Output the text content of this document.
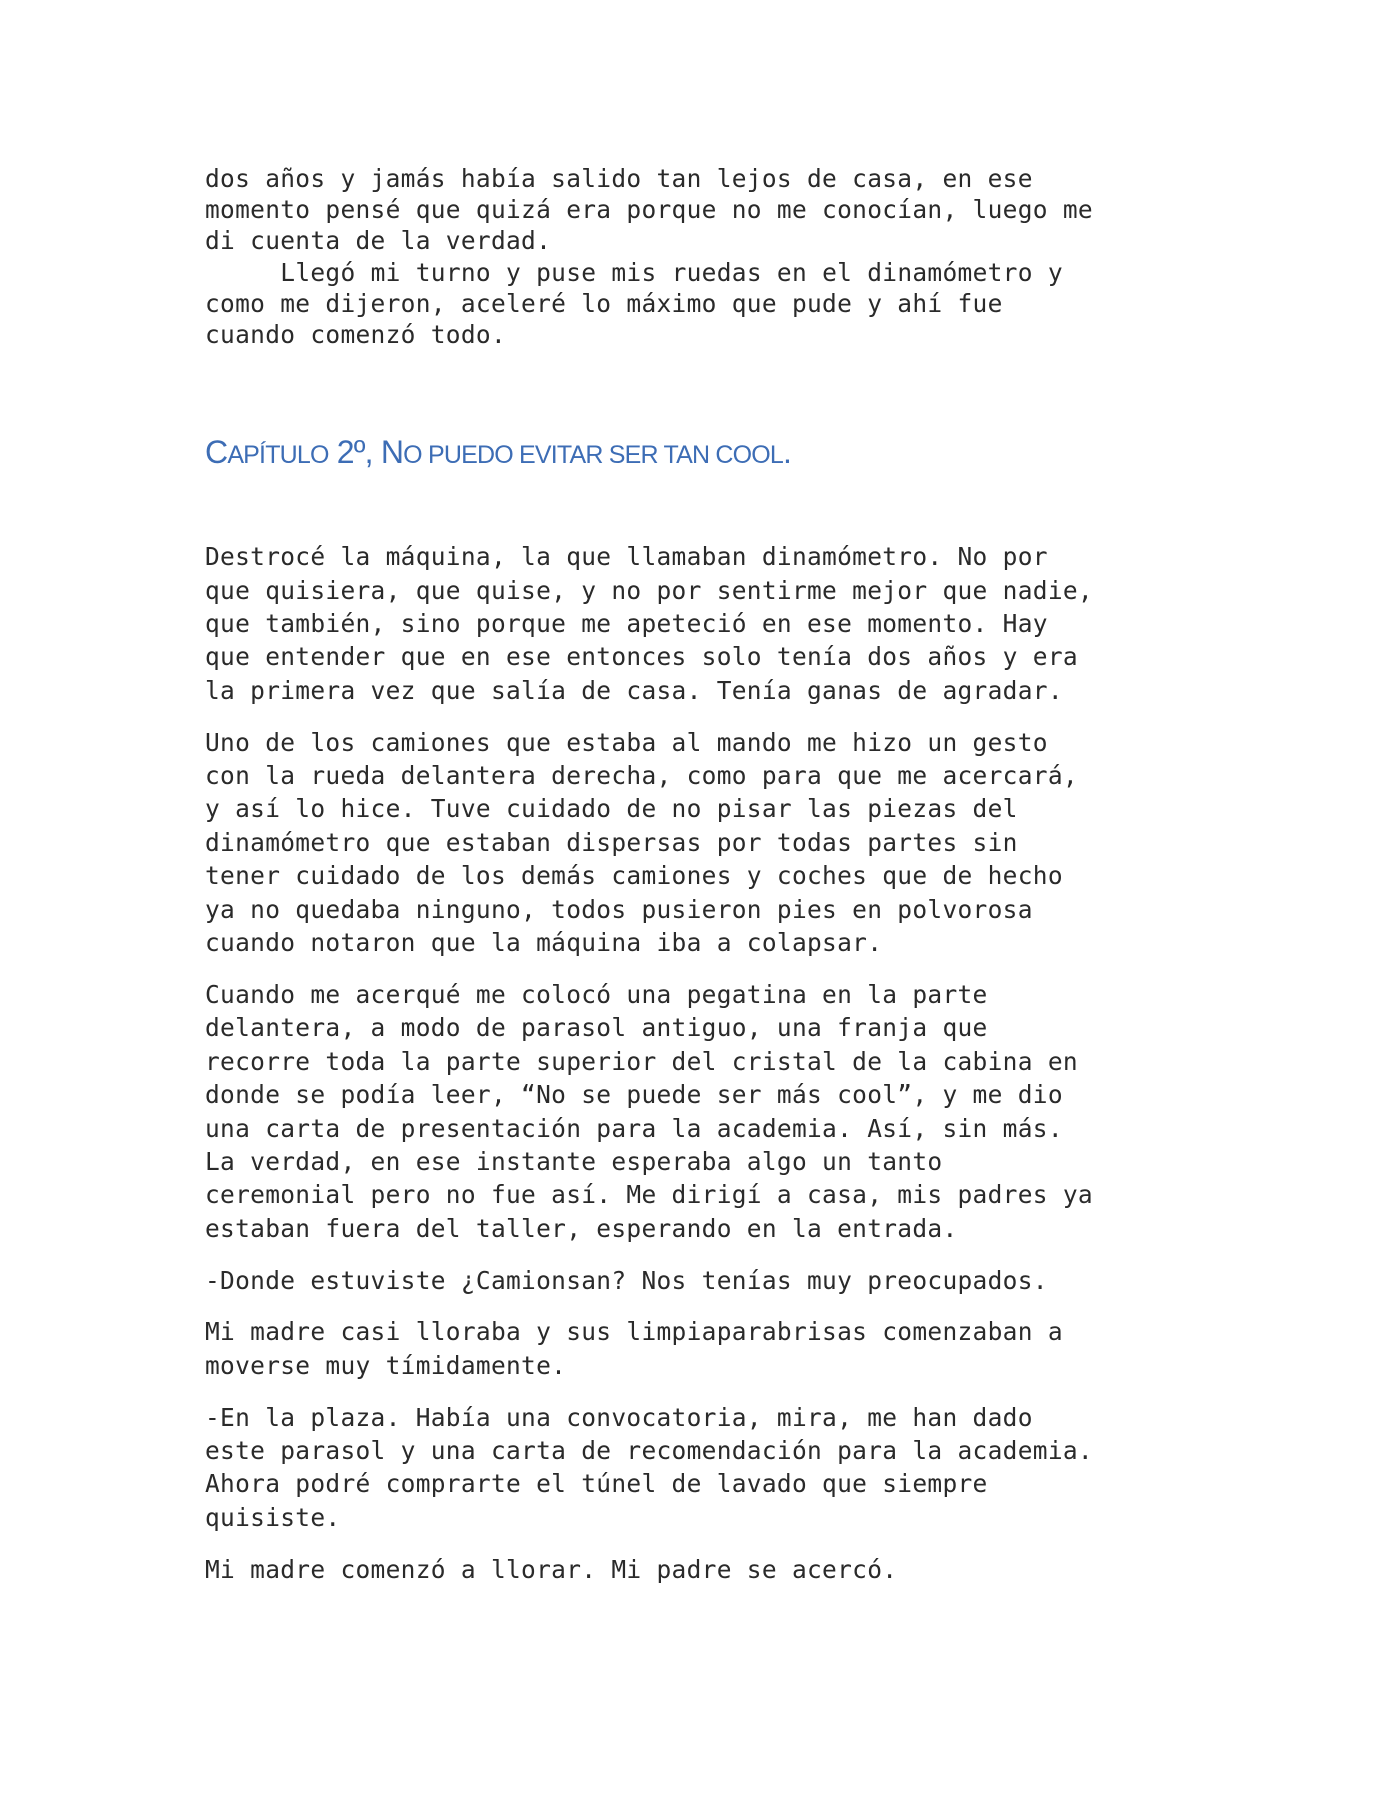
dos años y jamás había salido tan lejos de casa, en ese

momento pensé que quizá era porque no me conocían, luego me

di cuenta de la verdad.

Llegó mi turno y puse mis ruedas en el dinamómetro y

como me dijeron, aceleré lo máximo que pude y ahí fue

cuando comenzó todo.

CAPÍTULO 2º, NO PUEDO EVITAR SER TAN COOL.

Destrocé la máquina, la que llamaban dinamómetro. No por
que quisiera, que quise, y no por sentirme mejor que nadie,
que también, sino porque me apeteció en ese momento. Hay
que entender que en ese entonces solo tenía dos años y era
la primera vez que salía de casa. Tenía ganas de agradar.

Uno de los camiones que estaba al mando me hizo un gesto
con la rueda delantera derecha, como para que me acercará,
y así lo hice. Tuve cuidado de no pisar las piezas del
dinamómetro que estaban dispersas por todas partes sin
tener cuidado de los demás camiones y coches que de hecho
ya no quedaba ninguno, todos pusieron pies en polvorosa
cuando notaron que la máquina iba a colapsar.

Cuando me acerqué me colocó una pegatina en la parte
delantera, a modo de parasol antiguo, una franja que
recorre toda la parte superior del cristal de la cabina en
donde se podía leer, “No se puede ser más cool”, y me dio
una carta de presentación para la academia. Así, sin más.
La verdad, en ese instante esperaba algo un tanto
ceremonial pero no fue así. Me dirigí a casa, mis padres ya
estaban fuera del taller, esperando en la entrada.

-Donde estuviste ¿Camionsan? Nos tenías muy preocupados.

Mi madre casi lloraba y sus limpiaparabrisas comenzaban a
moverse muy tímidamente.

-En la plaza. Había una convocatoria, mira, me han dado
este parasol y una carta de recomendación para la academia.
Ahora podré comprarte el túnel de lavado que siempre
quisiste.

Mi madre comenzó a llorar. Mi padre se acercó.
